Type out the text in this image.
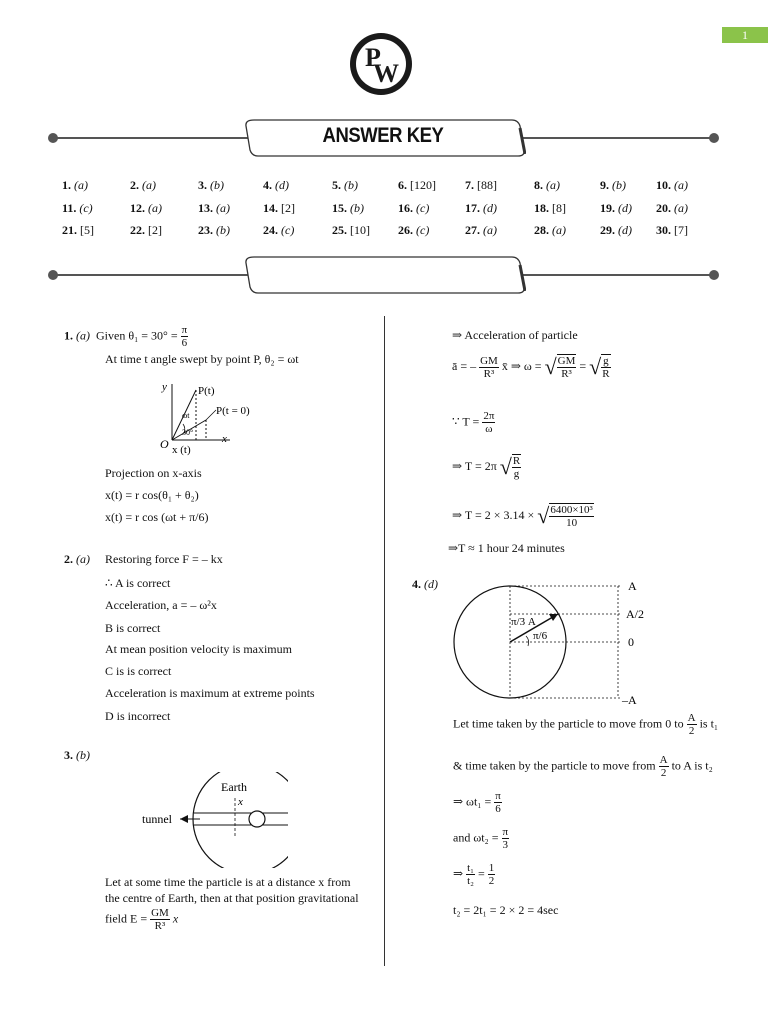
1
P
W
ANSWER KEY
1. (a)	2. (a)	3. (b)	4. (d)	5. (b)	6. [120] 7. [88]	8. (a)	9. (b)	10. (a)
11. (c)	12. (a)	13. (a)	14. [2]	15. (b)	16. (c)	17. (d)	18. [8]	19. (d) 20. (a)
21. [5]	22. [2]	23. (b)	24. (c)	25. [10] 26. (c)	27. (a)	28. (a)	29. (d) 30. [7]
1. (a) Given $\theta_1 = 30^\circ = \frac{\pi}{6}$
At time t angle swept by point P, θ₂ = ωt
y	P(t)
P(t = 0)
ωt
30°
x
O x (t)
Projection on x-axis
x(t) = r cos(θ₁ + θ₂)
x(t) = r cos (ωt + π/6)
2. (a) Restoring force F = – kx
∴ A is correct
Acceleration, a = – ω²x
B is correct
At mean position velocity is maximum
C is is correct
Acceleration is maximum at extreme points
D is incorrect
3. (b)
Earth
x
tunnel
Let at some time the particle is at a distance x from
the centre of Earth, then at that position gravitational
field $E = \frac{GM}{\text{R³}}$ x
⇒ Acceleration of particle
ā = – $\frac{GM}{\text{R³}}$ x̄ ⇒ ω = √ $\frac{GM}{\text{R³}}$ = √ $\frac{g}{R}$
∵ $T = \frac{2\pi}{\omega}$
⇒ T = 2π √ $\frac{R}{g}$
⇒ T = 2 × 3.14 × √ $\frac{\text{6400×10³}}{10}$
⇒T ≈ 1 hour 24 minutes
4. (d)
π/3 A
π/6
A
A/2
0
–A
Let time taken by the particle to move from 0 to $\frac{A}{2}$ is t₁
& time taken by the particle to move from $\frac{A}{2}$ to A is t₂
⇒ $\omega t_1 = \frac{\pi}{6}$
and $\omega t_2 = \frac{\pi}{3}$
⇒ $\frac{\text{t₁}}{\text{t₂}} = \frac{1}{2}$
t₂ = 2t₁ = 2 × 2 = 4sec
